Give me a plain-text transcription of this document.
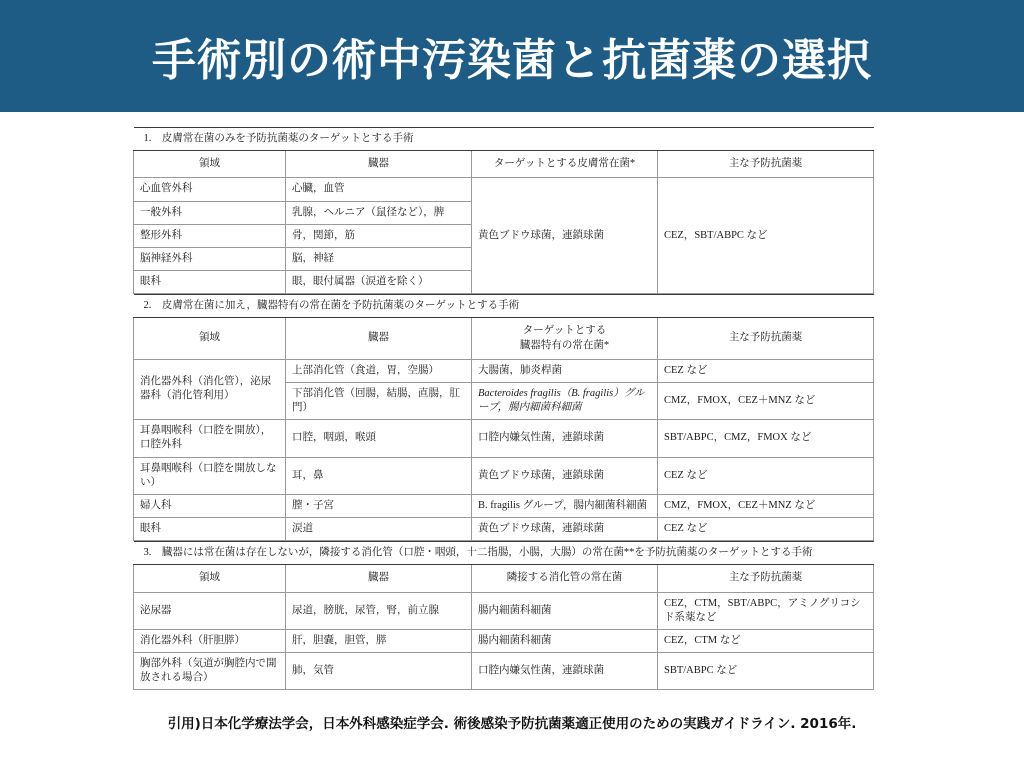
手術別の術中汚染菌と抗菌薬の選択
1.　皮膚常在菌のみを予防抗菌薬のターゲットとする手術			
領域	臓器	ターゲットとする皮膚常在菌*	主な予防抗菌薬
心血管外科	心臓，血管	黄色ブドウ球菌，連鎖球菌	CEZ，SBT/ABPC など
一般外科	乳腺，ヘルニア（鼠径など），脾		
整形外科	骨，関節，筋		
脳神経外科	脳，神経		
眼科	眼，眼付属器（涙道を除く）		
2.　皮膚常在菌に加え，臓器特有の常在菌を予防抗菌薬のターゲットとする手術			
領域	臓器	ターゲットとする
臓器特有の常在菌*	主な予防抗菌薬
消化器外科（消化管），泌尿器科（消化管利用）	上部消化管（食道，胃，空腸）	大腸菌，肺炎桿菌	CEZ など
	下部消化管（回腸，結腸，直腸，肛門）	Bacteroides fragilis（B. fragilis）グループ，腸内細菌科細菌	CMZ，FMOX，CEZ＋MNZ など
耳鼻咽喉科（口腔を開放），口腔外科	口腔，咽頭，喉頭	口腔内嫌気性菌，連鎖球菌	SBT/ABPC，CMZ，FMOX など
耳鼻咽喉科（口腔を開放しない）	耳，鼻	黄色ブドウ球菌，連鎖球菌	CEZ など
婦人科	膣・子宮	B. fragilis グループ，腸内細菌科細菌	CMZ，FMOX，CEZ＋MNZ など
眼科	涙道	黄色ブドウ球菌，連鎖球菌	CEZ など
3.　臓器には常在菌は存在しないが，隣接する消化管（口腔・咽頭，十二指腸，小腸，大腸）の常在菌**を予防抗菌薬のターゲットとする手術			
領域	臓器	隣接する消化管の常在菌	主な予防抗菌薬
泌尿器	尿道，膀胱，尿管，腎，前立腺	腸内細菌科細菌	CEZ，CTM，SBT/ABPC，アミノグリコシド系薬など
消化器外科（肝胆膵）	肝，胆嚢，胆管，膵	腸内細菌科細菌	CEZ，CTM など
胸部外科（気道が胸腔内で開放される場合）	肺，気管	口腔内嫌気性菌，連鎖球菌	SBT/ABPC など
引用)日本化学療法学会，日本外科感染症学会. 術後感染予防抗菌薬適正使用のための実践ガイドライン. 2016年.
